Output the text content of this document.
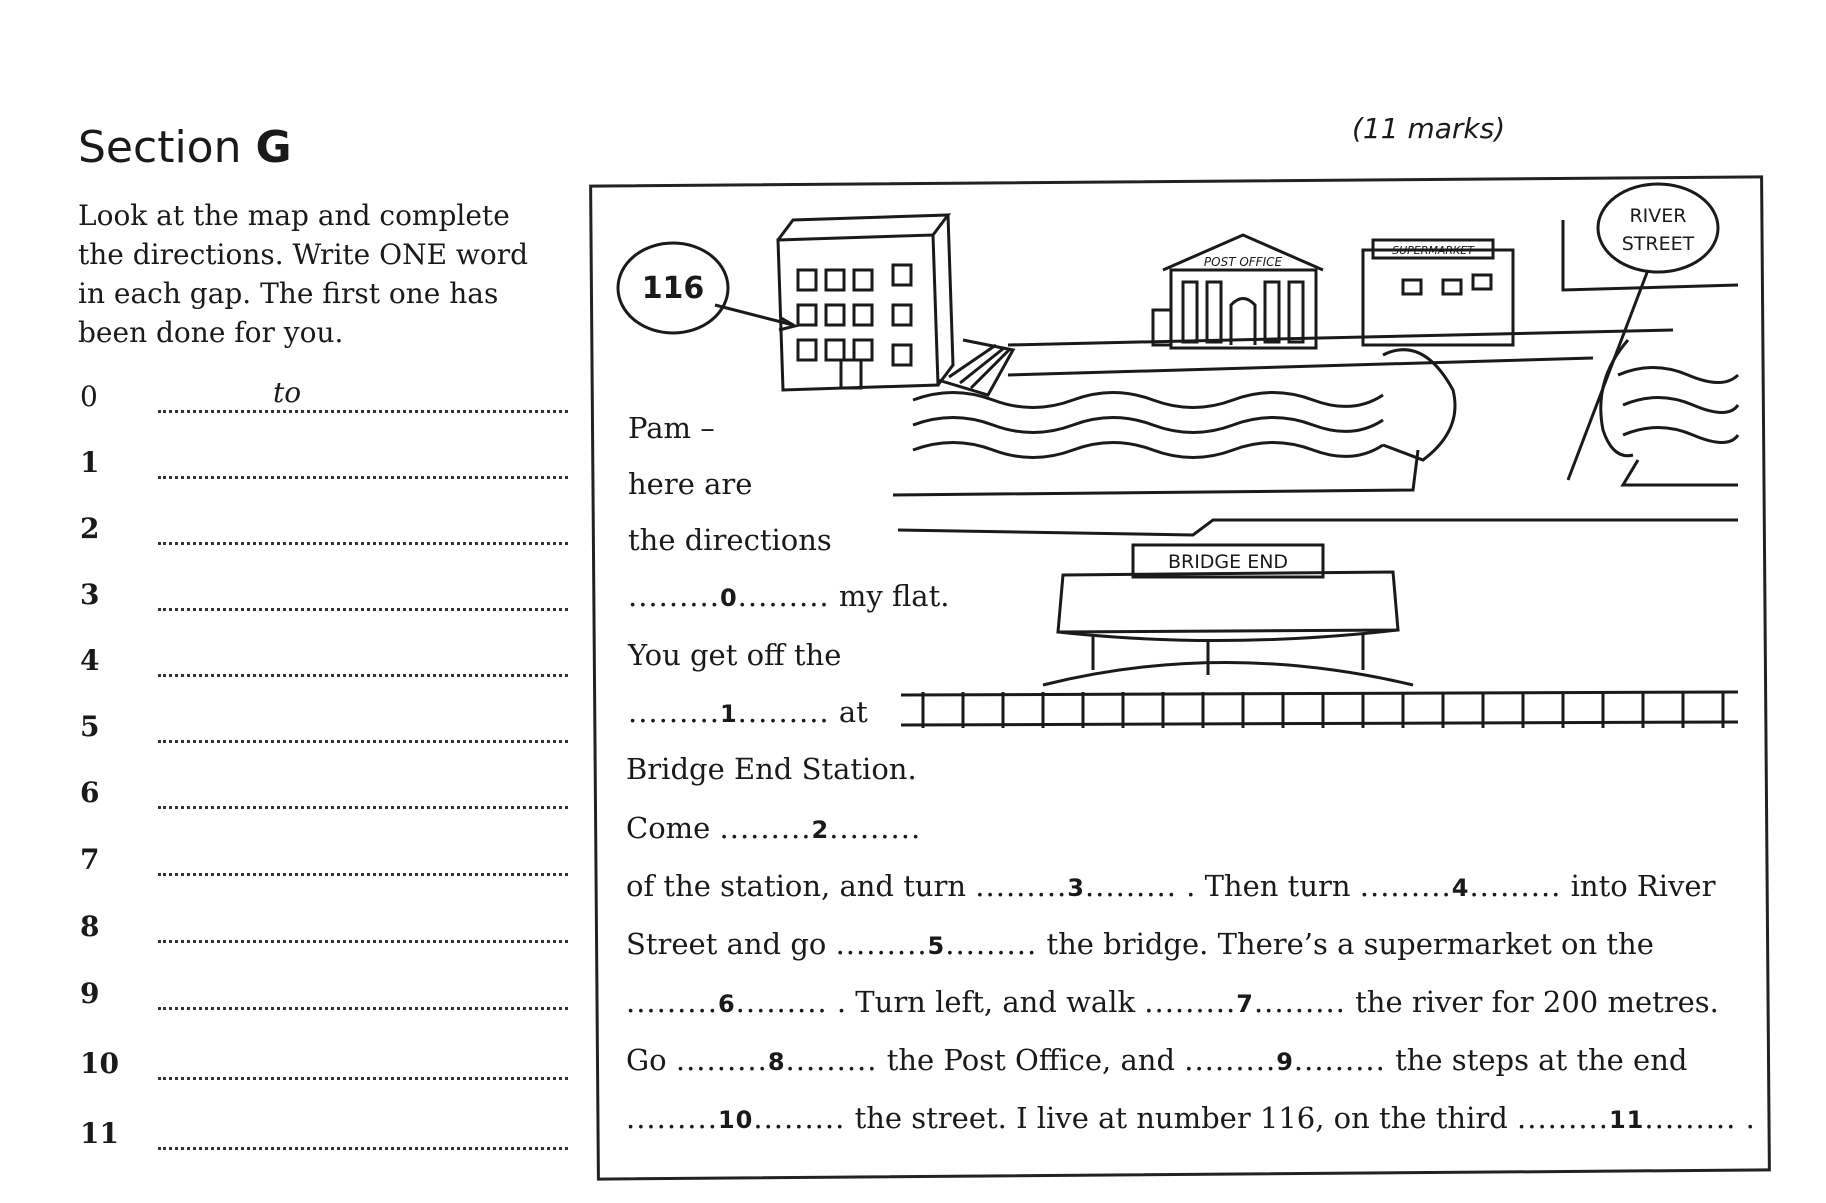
Section G	(11 marks)
Look at the map and complete the directions. Write ONE word in each gap. The first one has been done for you.
0	to
1
2
3
4
5
6
7
8
9
10
11
116
RIVER
STREET
POST OFFICE
SUPERMARKET
BRIDGE END
Pam –
here are
the directions
.........0......... my flat.
You get off the
.........1......... at
Bridge End Station.
Come .........2.........
of the station, and turn .........3......... . Then turn .........4......... into River
Street and go .........5......... the bridge. There’s a supermarket on the
.........6......... . Turn left, and walk .........7......... the river for 200 metres.
Go .........8......... the Post Office, and .........9......... the steps at the end
.........10......... the street. I live at number 116, on the third .........11......... .
